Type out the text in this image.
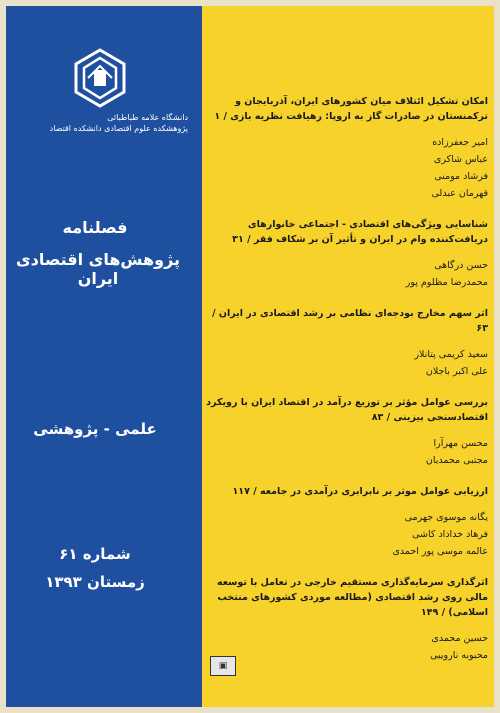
دانشگاه علامه طباطبائی
پژوهشکده علوم اقتصادی دانشکده اقتصاد
فصلنامه
پژوهش‌های اقتصادی ایران
علمی - پژوهشی
شماره ۶۱
زمستان ۱۳۹۳
امکان تشکیل ائتلاف میان کشورهای ایران، آذربایجان و ترکمنستان در صادرات گاز به اروپا: رهیافت نظریه بازی / ۱
امیر جعفرزاده
عباس شاکری
فرشاد مومنی
قهرمان عبدلی
شناسایی ویژگی‌های اقتصادی - اجتماعی خانوارهای دریافت‌کننده وام در ایران و تأثیر آن بر شکاف فقر / ۳۱
حسن درگاهی
محمدرضا مظلوم پور
اثر سهم مخارج بودجه‌ای نظامی بر رشد اقتصادی در ایران / ۶۳
سعید کریمی پتانلار
علی اکبر باجلان
بررسی عوامل مؤثر بر توزیع درآمد در اقتصاد ایران با رویکرد اقتصادسنجی بیزینی / ۸۳
محسن مهرآرا
مجتبی محمدیان
ارزیابی عوامل موثر بر نابرابری درآمدی در جامعه / ۱۱۷
یگانه موسوی جهرمی
فرهاد خداداد کاشی
عالمه موسی پور احمدی
اثرگذاری سرمایه‌گذاری مستقیم خارجی در تعامل با توسعه مالی روی رشد اقتصادی (مطالعه موردی کشورهای منتخب اسلامی) / ۱۴۹
حسین محمدی
محبوبه ناروییی
▣
